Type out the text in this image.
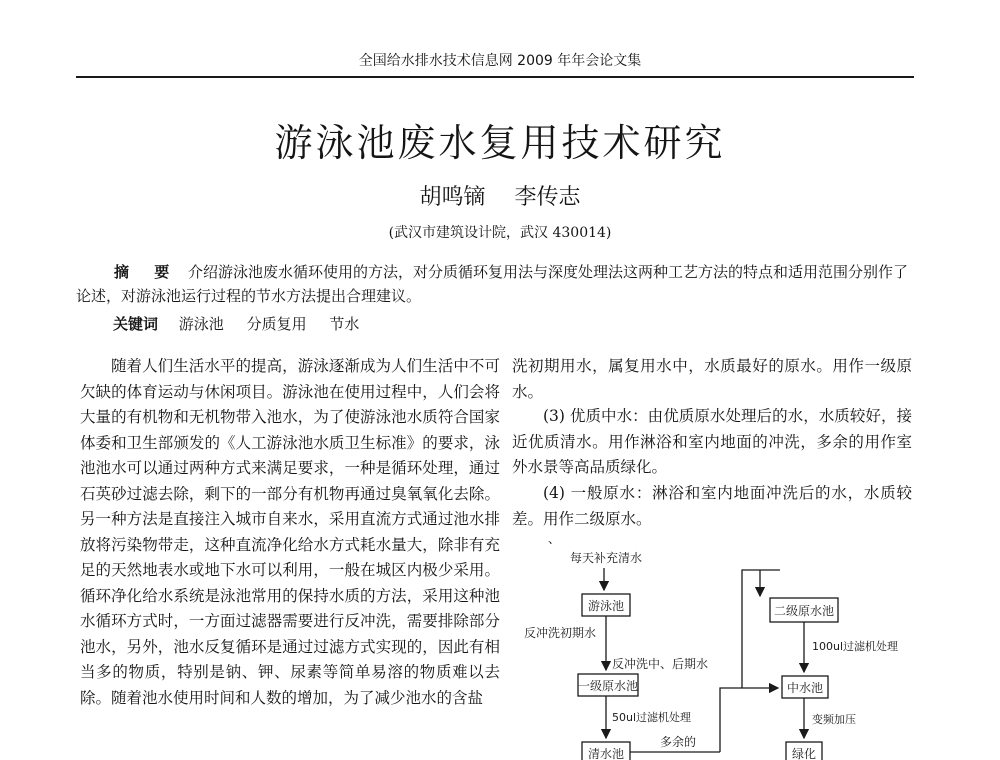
全国给水排水技术信息网 2009 年年会论文集
游泳池废水复用技术研究
胡鸣镝 李传志
(武汉市建筑设计院，武汉 430014)

摘 要 介绍游泳池废水循环使用的方法，对分质循环复用法与深度处理法这两种工艺方法的特点和适用范围分别作了论述，对游泳池运行过程的节水方法提出合理建议。

关键词 游泳池 分质复用 节水

随着人们生活水平的提高，游泳逐渐成为人们生活中不可欠缺的体育运动与休闲项目。游泳池在使用过程中，人们会将大量的有机物和无机物带入池水，为了使游泳池水质符合国家体委和卫生部颁发的《人工游泳池水质卫生标准》的要求，泳池池水可以通过两种方式来满足要求，一种是循环处理，通过石英砂过滤去除，剩下的一部分有机物再通过臭氧氧化去除。另一种方法是直接注入城市自来水，采用直流方式通过池水排放将污染物带走，这种直流净化给水方式耗水量大，除非有充足的天然地表水或地下水可以利用，一般在城区内极少采用。循环净化给水系统是泳池常用的保持水质的方法，采用这种池水循环方式时，一方面过滤器需要进行反冲洗，需要排除部分池水，另外，池水反复循环是通过过滤方式实现的，因此有相当多的物质，特别是钠、钾、尿素等简单易溶的物质难以去除。随着池水使用时间和人数的增加，为了减少池水的含盐

洗初期用水，属复用水中，水质最好的原水。用作一级原水。

(3) 优质中水：由优质原水处理后的水，水质较好，接近优质清水。用作淋浴和室内地面的冲洗，多余的用作室外水景等高品质绿化。

(4) 一般原水：淋浴和室内地面冲洗后的水，水质较差。用作二级原水。

、
每天补充清水
游泳池
反冲洗初期水
反冲洗中、后期水
一级原水池
50ul过滤机处理
清水池
多余的
二级原水池
100ul过滤机处理
中水池
变频加压
绿化
